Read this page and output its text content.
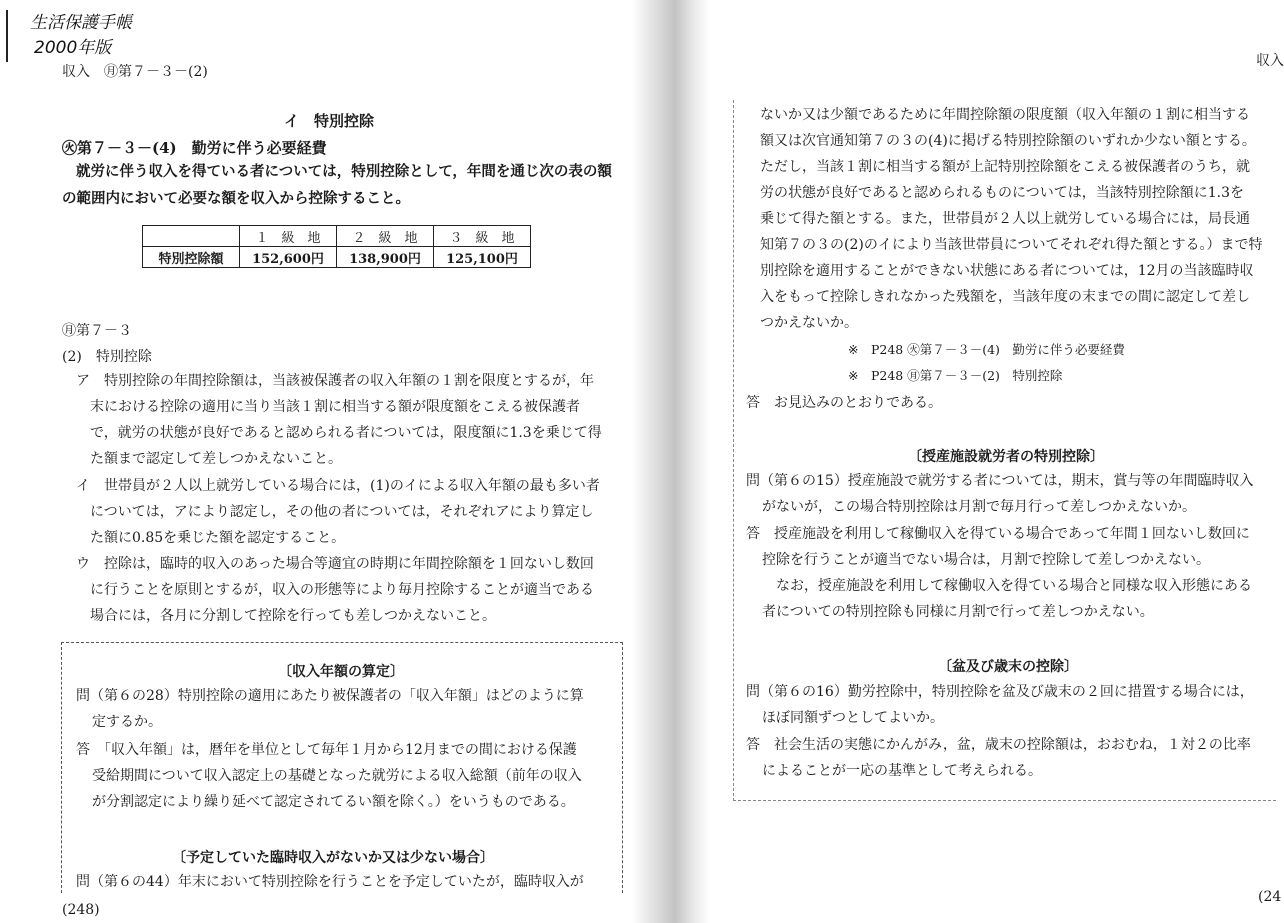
生活保護手帳
2000年版
収入　㊊第７－３－(2)
イ　特別控除
㊋第７－３－(4)　勤労に伴う必要経費
就労に伴う収入を得ている者については，特別控除として，年間を通じ次の表の額
の範囲内において必要な額を収入から控除すること。
	１　級　地	２　級　地	３　級　地
特別控除額	152,600円	138,900円	125,100円
㊊第７－３
(2)　特別控除
ア　特別控除の年間控除額は，当該被保護者の収入年額の１割を限度とするが，年
末における控除の適用に当り当該１割に相当する額が限度額をこえる被保護者
で，就労の状態が良好であると認められる者については，限度額に1.3を乗じて得
た額まで認定して差しつかえないこと。
イ　世帯員が２人以上就労している場合には，(1)のイによる収入年額の最も多い者
については，アにより認定し，その他の者については，それぞれアにより算定し
た額に0.85を乗じた額を認定すること。
ウ　控除は，臨時的収入のあった場合等適宜の時期に年間控除額を１回ないし数回
に行うことを原則とするが，収入の形態等により毎月控除することが適当である
場合には，各月に分割して控除を行っても差しつかえないこと。
〔収入年額の算定〕
問（第６の28）特別控除の適用にあたり被保護者の「収入年額」はどのように算
定するか。
答　「収入年額」は，暦年を単位として毎年１月から12月までの間における保護
受給期間について収入認定上の基礎となった就労による収入総額（前年の収入
が分割認定により繰り延べて認定されてるい額を除く。）をいうものである。
〔予定していた臨時収入がないか又は少ない場合〕
問（第６の44）年末において特別控除を行うことを予定していたが，臨時収入が
(248)
収入
ないか又は少額であるために年間控除額の限度額（収入年額の１割に相当する
額又は次官通知第７の３の(4)に掲げる特別控除額のいずれか少ない額とする。
ただし，当該１割に相当する額が上記特別控除額をこえる被保護者のうち，就
労の状態が良好であると認められるものについては，当該特別控除額に1.3を
乗じて得た額とする。また，世帯員が２人以上就労している場合には，局長通
知第７の３の(2)のイにより当該世帯員についてそれぞれ得た額とする。）まで特
別控除を適用することができない状態にある者については，12月の当該臨時収
入をもって控除しきれなかった残額を，当該年度の末までの間に認定して差し
つかえないか。
※　P248 ㊋第７－３－(4)　勤労に伴う必要経費
※　P248 ㊊第７－３－(2)　特別控除
答　お見込みのとおりである。
〔授産施設就労者の特別控除〕
問（第６の15）授産施設で就労する者については，期末，賞与等の年間臨時収入
がないが，この場合特別控除は月割で毎月行って差しつかえないか。
答　授産施設を利用して稼働収入を得ている場合であって年間１回ないし数回に
控除を行うことが適当でない場合は，月割で控除して差しつかえない。
なお，授産施設を利用して稼働収入を得ている場合と同様な収入形態にある
者についての特別控除も同様に月割で行って差しつかえない。
〔盆及び歳末の控除〕
問（第６の16）勤労控除中，特別控除を盆及び歳末の２回に措置する場合には，
ほぼ同額ずつとしてよいか。
答　社会生活の実態にかんがみ，盆，歳末の控除額は，おおむね，１対２の比率
によることが一応の基準として考えられる。
(24
